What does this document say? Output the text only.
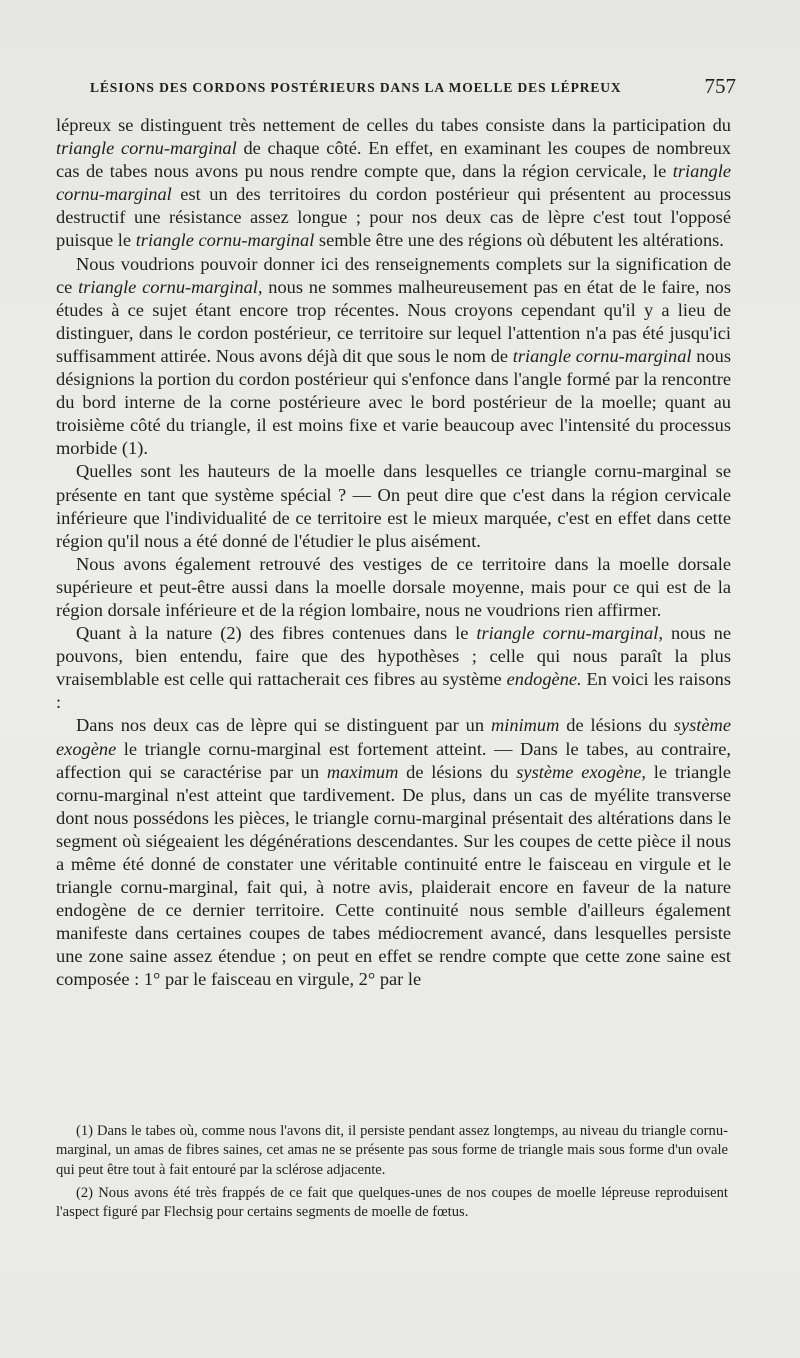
LÉSIONS DES CORDONS POSTÉRIEURS DANS LA MOELLE DES LÉPREUX	757

lépreux se distinguent très nettement de celles du tabes consiste dans la participation du triangle cornu-marginal de chaque côté. En effet, en examinant les coupes de nombreux cas de tabes nous avons pu nous rendre compte que, dans la région cervicale, le triangle cornu-marginal est un des territoires du cordon postérieur qui présentent au processus destructif une résistance assez longue ; pour nos deux cas de lèpre c'est tout l'opposé puisque le triangle cornu-marginal semble être une des régions où débutent les altérations.

Nous voudrions pouvoir donner ici des renseignements complets sur la signification de ce triangle cornu-marginal, nous ne sommes malheureusement pas en état de le faire, nos études à ce sujet étant encore trop récentes. Nous croyons cependant qu'il y a lieu de distinguer, dans le cordon postérieur, ce territoire sur lequel l'attention n'a pas été jusqu'ici suffisamment attirée. Nous avons déjà dit que sous le nom de triangle cornu-marginal nous désignions la portion du cordon postérieur qui s'enfonce dans l'angle formé par la rencontre du bord interne de la corne postérieure avec le bord postérieur de la moelle; quant au troisième côté du triangle, il est moins fixe et varie beaucoup avec l'intensité du processus morbide (1).

Quelles sont les hauteurs de la moelle dans lesquelles ce triangle cornu-marginal se présente en tant que système spécial ? — On peut dire que c'est dans la région cervicale inférieure que l'individualité de ce territoire est le mieux marquée, c'est en effet dans cette région qu'il nous a été donné de l'étudier le plus aisément.

Nous avons également retrouvé des vestiges de ce territoire dans la moelle dorsale supérieure et peut-être aussi dans la moelle dorsale moyenne, mais pour ce qui est de la région dorsale inférieure et de la région lombaire, nous ne voudrions rien affirmer.

Quant à la nature (2) des fibres contenues dans le triangle cornu-marginal, nous ne pouvons, bien entendu, faire que des hypothèses ; celle qui nous paraît la plus vraisemblable est celle qui rattacherait ces fibres au système endogène. En voici les raisons :

Dans nos deux cas de lèpre qui se distinguent par un minimum de lésions du système exogène le triangle cornu-marginal est fortement atteint. — Dans le tabes, au contraire, affection qui se caractérise par un maximum de lésions du système exogène, le triangle cornu-marginal n'est atteint que tardivement. De plus, dans un cas de myélite transverse dont nous possédons les pièces, le triangle cornu-marginal présentait des altérations dans le segment où siégeaient les dégénérations descendantes. Sur les coupes de cette pièce il nous a même été donné de constater une véritable continuité entre le faisceau en virgule et le triangle cornu-marginal, fait qui, à notre avis, plaiderait encore en faveur de la nature endogène de ce dernier territoire. Cette continuité nous semble d'ailleurs également manifeste dans certaines coupes de tabes médiocrement avancé, dans lesquelles persiste une zone saine assez étendue ; on peut en effet se rendre compte que cette zone saine est composée : 1° par le faisceau en virgule, 2° par le

(1) Dans le tabes où, comme nous l'avons dit, il persiste pendant assez longtemps, au niveau du triangle cornu-marginal, un amas de fibres saines, cet amas ne se présente pas sous forme de triangle mais sous forme d'un ovale qui peut être tout à fait entouré par la sclérose adjacente.

(2) Nous avons été très frappés de ce fait que quelques-unes de nos coupes de moelle lépreuse reproduisent l'aspect figuré par Flechsig pour certains segments de moelle de fœtus.
